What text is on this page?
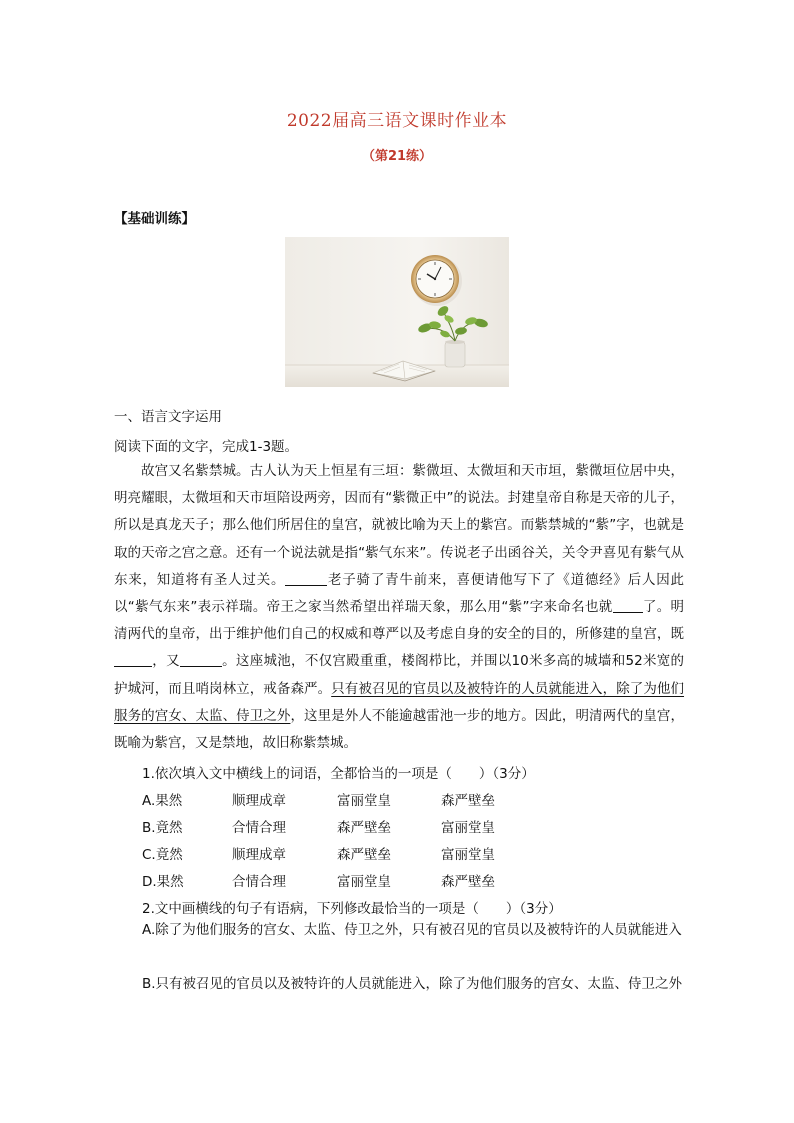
2022届高三语文课时作业本
（第21练）
【基础训练】
一、语言文字运用
阅读下面的文字，完成1-3题。

故宫又名紫禁城。古人认为天上恒星有三垣：紫微垣、太微垣和天市垣，紫微垣位居中央，明亮耀眼，太微垣和天市垣陪设两旁，因而有“紫微正中”的说法。封建皇帝自称是天帝的儿子，所以是真龙天子；那么他们所居住的皇宫，就被比喻为天上的紫宫。而紫禁城的“紫”字，也就是取的天帝之宫之意。还有一个说法就是指“紫气东来”。传说老子出函谷关，关令尹喜见有紫气从东来，知道将有圣人过关。	老子骑了青牛前来，喜便请他写下了《道德经》后人因此以“紫气东来”表示祥瑞。帝王之家当然希望出祥瑞天象，那么用“紫”字来命名也就 了。明清两代的皇帝，出于维护他们自己的权威和尊严以及考虑自身的安全的目的，所修建的皇宫，既，又	。这座城池，不仅宫殿重重，楼阁栉比，并围以10米多高的城墙和52米宽的护城河，而且哨岗林立，戒备森严。只有被召见的官员以及被特许的人员就能进入，除了为他们服务的宫女、太监、侍卫之外，这里是外人不能逾越雷池一步的地方。因此，明清两代的皇宫，既喻为紫宫，又是禁地，故旧称紫禁城。

1.依次填入文中横线上的词语，全都恰当的一项是（　　）（3分）
A.果然	顺理成章	富丽堂皇	森严壁垒
B.竟然	合情合理	森严壁垒	富丽堂皇
C.竟然	顺理成章	森严壁垒	富丽堂皇
D.果然	合情合理	富丽堂皇	森严壁垒
2.文中画横线的句子有语病，下列修改最恰当的一项是（　　）（3分）

A.除了为他们服务的宫女、太监、侍卫之外，只有被召见的官员以及被特许的人员就能进入

B.只有被召见的官员以及被特许的人员就能进入，除了为他们服务的宫女、太监、侍卫之外
